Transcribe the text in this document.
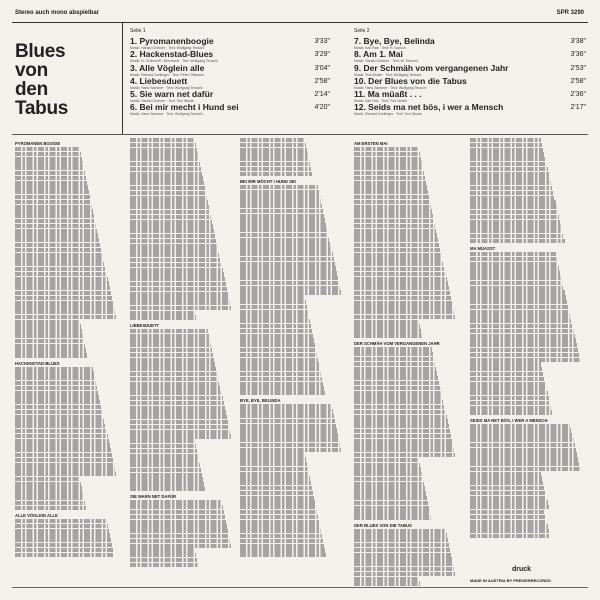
Stereo auch mono abspielbar	SPR 3290
Blues
von
den
Tabus
Seite 1
1. Pyromanenboogie	3'33"
Musik: Harald Gröbner · Text: Wolfgang Teuschl
2. Hackenstad-Blues	3'29"
Musik: H. Gröbner/E. Bernhardt · Text: Wolfgang Teuschl
3. Alle Vöglein alle	3'04"
Musik: Richard Dreilinger · Text: Peter Ohlbaum
4. Liebesduett	2'58"
Musik: Hans Sammer · Text: Wolfgang Teuschl
5. Sie warn net dafür	2'14"
Musik: Harald Gröbner · Text: Toni Wuste
6. Bei mir mecht i Hund sei	4'20"
Musik: Hans Sammer · Text: Wolfgang Teuschl
Seite 2
7. Bye, Bye, Belinda	3'38"
Musik: Karl Rak · Text: H. Gursch
8. Am 1. Mai	3'36"
Musik: Harald Gröbner · Text: W. Teuschl
9. Der Schmäh vom vergangenen Jahr	2'53"
Musik: Toni Wuste · Text: Wolfgang Teuschl
10. Der Blues von die Tabus	2'58"
Musik: Hans Sammer · Text: Wolfgang Teuschl
11. Ma müaßt . . .	2'36"
Musik: Karl Rak · Text: Toni Wuste
12. Seids ma net bös, i wer a Mensch	2'17"
Musik: Richard Dreilinger · Text: Toni Wuste
PYROMANEN BOOGIE
HACKENSTAD-BLUES
ALLE VÖGLEIN ALLE
LIEBESDUETT
SIE WARN NET DAFÜR
BEI MIR MÖCHT I HUND SEI
BYE, BYE, BELINDA
AM ERSTEN MAI
DER SCHMÄH VOM VERGANGENEN JAHR
DER BLUES VON DIE TABUS
MA MÜASST
SEIDS MA NET BÖS, I WER A MENSCH
druck
MADE IN AUSTRIA BY PREISERRECORDS
